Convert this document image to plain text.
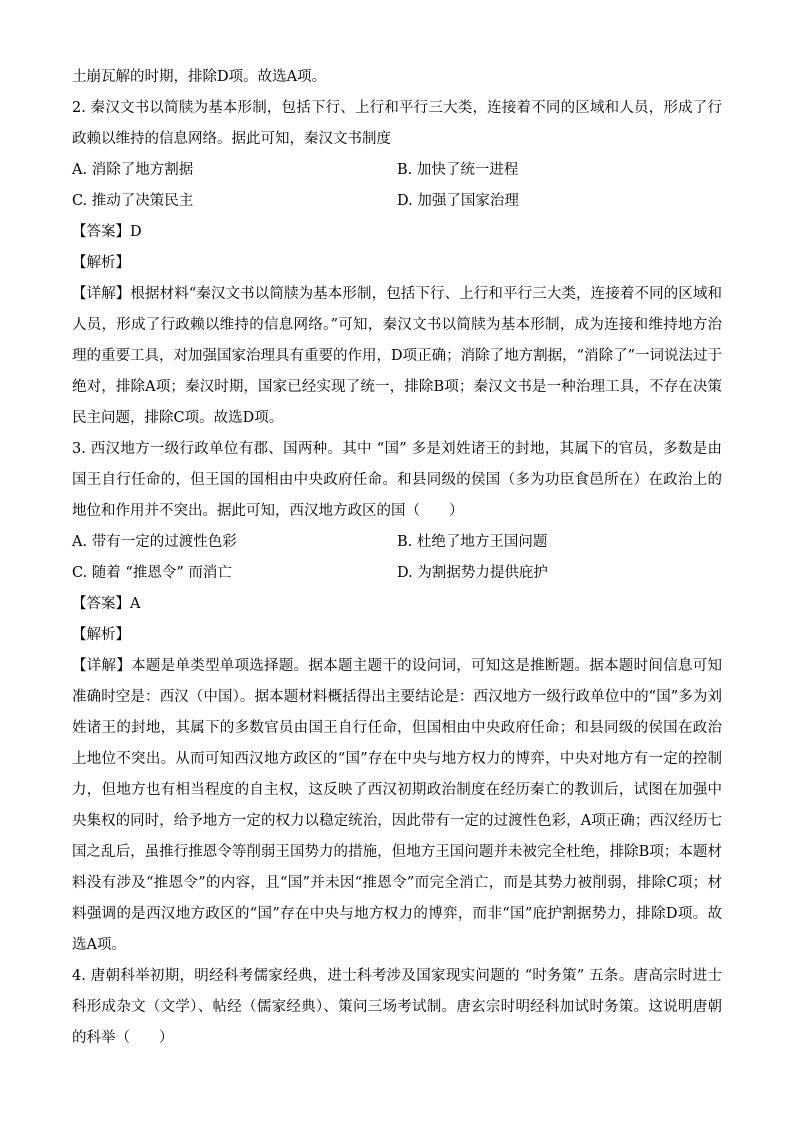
土崩瓦解的时期，排除D项。故选A项。

2. 秦汉文书以简牍为基本形制，包括下行、上行和平行三大类，连接着不同的区域和人员，形成了行政赖以维持的信息网络。据此可知，秦汉文书制度

A. 消除了地方割据	B. 加快了统一进程
C. 推动了决策民主	D. 加强了国家治理
【答案】D
【解析】

【详解】根据材料“秦汉文书以简牍为基本形制，包括下行、上行和平行三大类，连接着不同的区域和人员，形成了行政赖以维持的信息网络。”可知，秦汉文书以简牍为基本形制，成为连接和维持地方治理的重要工具，对加强国家治理具有重要的作用，D项正确；消除了地方割据，“消除了”一词说法过于绝对，排除A项；秦汉时期，国家已经实现了统一，排除B项；秦汉文书是一种治理工具，不存在决策民主问题，排除C项。故选D项。

3. 西汉地方一级行政单位有郡、国两种。其中 “国” 多是刘姓诸王的封地，其属下的官员，多数是由国王自行任命的，但王国的国相由中央政府任命。和县同级的侯国（多为功臣食邑所在）在政治上的地位和作用并不突出。据此可知，西汉地方政区的国（　　）

A. 带有一定的过渡性色彩	B. 杜绝了地方王国问题
C. 随着 “推恩令” 而消亡	D. 为割据势力提供庇护
【答案】A
【解析】

【详解】本题是单类型单项选择题。据本题主题干的设问词，可知这是推断题。据本题时间信息可知准确时空是：西汉（中国）。据本题材料概括得出主要结论是：西汉地方一级行政单位中的“国”多为刘姓诸王的封地，其属下的多数官员由国王自行任命，但国相由中央政府任命；和县同级的侯国在政治上地位不突出。从而可知西汉地方政区的“国”存在中央与地方权力的博弈，中央对地方有一定的控制力，但地方也有相当程度的自主权，这反映了西汉初期政治制度在经历秦亡的教训后，试图在加强中央集权的同时，给予地方一定的权力以稳定统治，因此带有一定的过渡性色彩，A项正确；西汉经历七国之乱后，虽推行推恩令等削弱王国势力的措施，但地方王国问题并未被完全杜绝，排除B项；本题材料没有涉及“推恩令”的内容，且“国”并未因“推恩令”而完全消亡，而是其势力被削弱，排除C项；材料强调的是西汉地方政区的“国”存在中央与地方权力的博弈，而非“国”庇护割据势力，排除D项。故选A项。

4. 唐朝科举初期，明经科考儒家经典，进士科考涉及国家现实问题的 “时务策” 五条。唐高宗时进士科形成杂文（文学）、帖经（儒家经典）、策问三场考试制。唐玄宗时明经科加试时务策。这说明唐朝的科举（　　）
